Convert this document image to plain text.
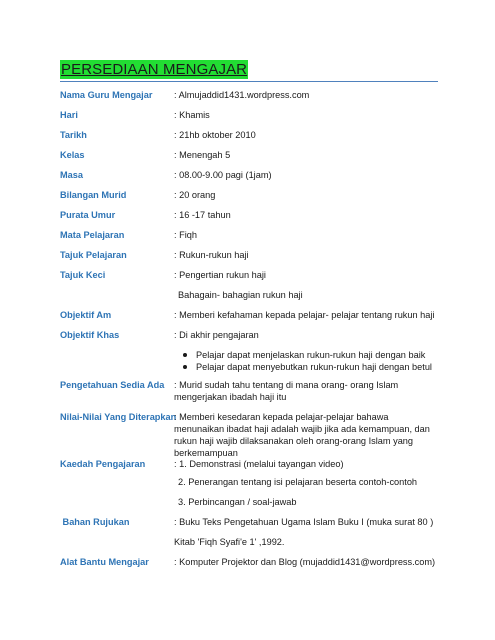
PERSEDIAAN MENGAJAR
Nama Guru Mengajar	: Almujaddid1431.wordpress.com
Hari	: Khamis
Tarikh	: 21hb oktober 2010
Kelas	: Menengah 5
Masa	: 08.00-9.00 pagi (1jam)
Bilangan Murid	: 20 orang
Purata Umur	: 16 -17 tahun
Mata Pelajaran	: Fiqh
Tajuk Pelajaran	: Rukun-rukun haji
Tajuk Keci	: Pengertian rukun haji
Bahagain- bahagian rukun haji
Objektif Am	: Memberi kefahaman kepada pelajar- pelajar tentang rukun haji
Objektif Khas	: Di akhir pengajaran
Pelajar dapat menjelaskan rukun-rukun haji dengan baik
Pelajar dapat menyebutkan rukun-rukun haji dengan betul
Pengetahuan Sedia Ada	: Murid sudah tahu tentang di mana orang- orang Islam mengerjakan ibadah haji itu
Nilai-Nilai Yang Diterapkan
: Memberi kesedaran kepada pelajar-pelajar bahawa menunaikan ibadat haji adalah wajib jika ada kemampuan, dan rukun haji wajib dilaksanakan oleh orang-orang Islam yang berkemampuan
Kaedah Pengajaran	: 1. Demonstrasi (melalui tayangan video)
2. Penerangan tentang isi pelajaran beserta contoh-contoh
3. Perbincangan / soal-jawab
Bahan Rujukan	: Buku Teks Pengetahuan Ugama Islam Buku I (muka surat 80 )
Kitab 'Fiqh Syafi'e 1' ,1992.
Alat Bantu Mengajar	: Komputer Projektor dan Blog (mujaddid1431@wordpress.com)
